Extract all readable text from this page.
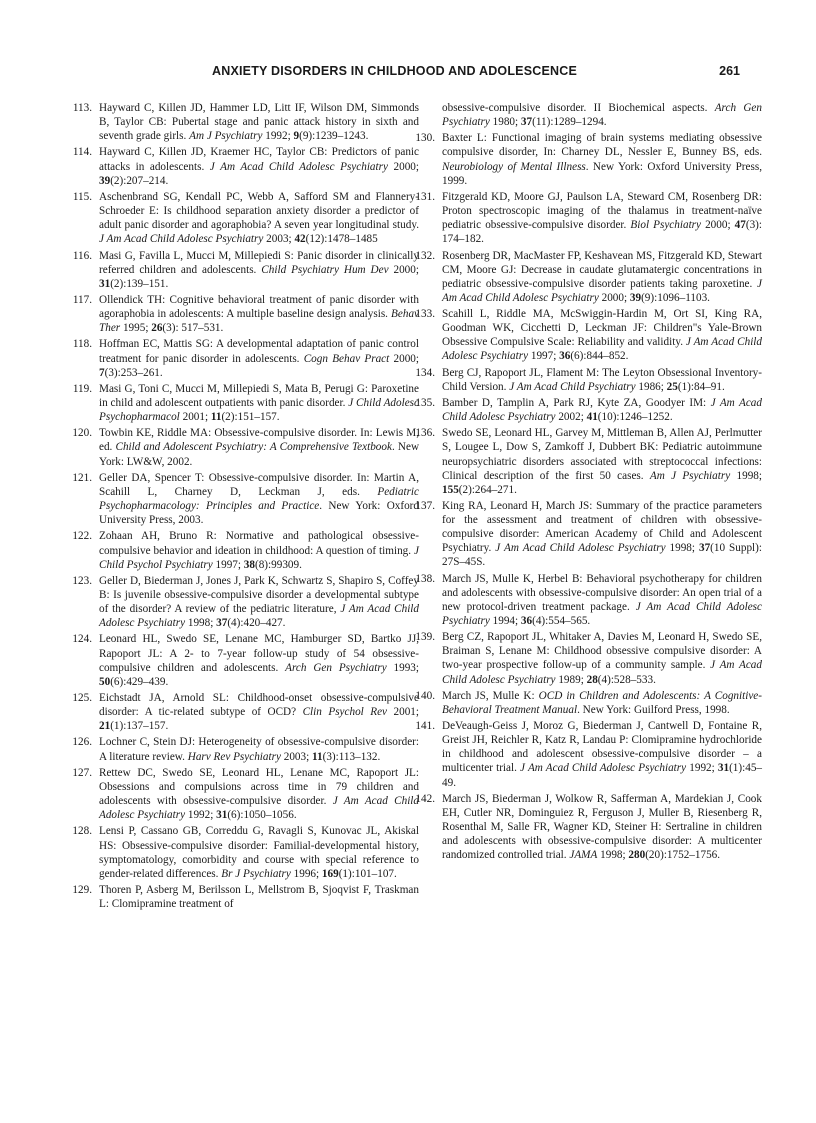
ANXIETY DISORDERS IN CHILDHOOD AND ADOLESCENCE	261
113. Hayward C, Killen JD, Hammer LD, Litt IF, Wilson DM, Simmonds B, Taylor CB: Pubertal stage and panic attack history in sixth and seventh grade girls. Am J Psychiatry 1992; 9(9):1239–1243.
114. Hayward C, Killen JD, Kraemer HC, Taylor CB: Predictors of panic attacks in adolescents. J Am Acad Child Adolesc Psychiatry 2000; 39(2):207–214.
115. Aschenbrand SG, Kendall PC, Webb A, Safford SM and Flannery-Schroeder E: Is childhood separation anxiety disorder a predictor of adult panic disorder and agoraphobia? A seven year longitudinal study. J Am Acad Child Adolesc Psychiatry 2003; 42(12):1478–1485
116. Masi G, Favilla L, Mucci M, Millepiedi S: Panic disorder in clinically referred children and adolescents. Child Psychiatry Hum Dev 2000; 31(2):139–151.
117. Ollendick TH: Cognitive behavioral treatment of panic disorder with agoraphobia in adolescents: A multiple baseline design analysis. Behav Ther 1995; 26(3): 517–531.
118. Hoffman EC, Mattis SG: A developmental adaptation of panic control treatment for panic disorder in adolescents. Cogn Behav Pract 2000; 7(3):253–261.
119. Masi G, Toni C, Mucci M, Millepiedi S, Mata B, Perugi G: Paroxetine in child and adolescent outpatients with panic disorder. J Child Adolesc Psychopharmacol 2001; 11(2):151–157.
120. Towbin KE, Riddle MA: Obsessive-compulsive disorder. In: Lewis M, ed. Child and Adolescent Psychiatry: A Comprehensive Textbook. New York: LW&W, 2002.
121. Geller DA, Spencer T: Obsessive-compulsive disorder. In: Martin A, Scahill L, Charney D, Leckman J, eds. Pediatric Psychopharmacology: Principles and Practice. New York: Oxford University Press, 2003.
122. Zohaan AH, Bruno R: Normative and pathological obsessive-compulsive behavior and ideation in childhood: A question of timing. J Child Psychol Psychiatry 1997; 38(8):99309.
123. Geller D, Biederman J, Jones J, Park K, Schwartz S, Shapiro S, Coffey B: Is juvenile obsessive-compulsive disorder a developmental subtype of the disorder? A review of the pediatric literature, J Am Acad Child Adolesc Psychiatry 1998; 37(4):420–427.
124. Leonard HL, Swedo SE, Lenane MC, Hamburger SD, Bartko JJ, Rapoport JL: A 2- to 7-year follow-up study of 54 obsessive-compulsive children and adolescents. Arch Gen Psychiatry 1993; 50(6):429–439.
125. Eichstadt JA, Arnold SL: Childhood-onset obsessive-compulsive disorder: A tic-related subtype of OCD? Clin Psychol Rev 2001; 21(1):137–157.
126. Lochner C, Stein DJ: Heterogeneity of obsessive-compulsive disorder: A literature review. Harv Rev Psychiatry 2003; 11(3):113–132.
127. Rettew DC, Swedo SE, Leonard HL, Lenane MC, Rapoport JL: Obsessions and compulsions across time in 79 children and adolescents with obsessive-compulsive disorder. J Am Acad Child Adolesc Psychiatry 1992; 31(6):1050–1056.
128. Lensi P, Cassano GB, Correddu G, Ravagli S, Kunovac JL, Akiskal HS: Obsessive-compulsive disorder: Familial-developmental history, symptomatology, comorbidity and course with special reference to gender-related differences. Br J Psychiatry 1996; 169(1):101–107.
129. Thoren P, Asberg M, Berilsson L, Mellstrom B, Sjoqvist F, Traskman L: Clomipramine treatment of
obsessive-compulsive disorder. II Biochemical aspects. Arch Gen Psychiatry 1980; 37(11):1289–1294.
130. Baxter L: Functional imaging of brain systems mediating obsessive compulsive disorder, In: Charney DL, Nessler E, Bunney BS, eds. Neurobiology of Mental Illness. New York: Oxford University Press, 1999.
131. Fitzgerald KD, Moore GJ, Paulson LA, Steward CM, Rosenberg DR: Proton spectroscopic imaging of the thalamus in treatment-naïve pediatric obsessive-compulsive disorder. Biol Psychiatry 2000; 47(3): 174–182.
132. Rosenberg DR, MacMaster FP, Keshavean MS, Fitzgerald KD, Stewart CM, Moore GJ: Decrease in caudate glutamatergic concentrations in pediatric obsessive-compulsive disorder patients taking paroxetine. J Am Acad Child Adolesc Psychiatry 2000; 39(9):1096–1103.
133. Scahill L, Riddle MA, McSwiggin-Hardin M, Ort SI, King RA, Goodman WK, Cicchetti D, Leckman JF: Children"s Yale-Brown Obsessive Compulsive Scale: Reliability and validity. J Am Acad Child Adolesc Psychiatry 1997; 36(6):844–852.
134. Berg CJ, Rapoport JL, Flament M: The Leyton Obsessional Inventory-Child Version. J Am Acad Child Psychiatry 1986; 25(1):84–91.
135. Bamber D, Tamplin A, Park RJ, Kyte ZA, Goodyer IM: J Am Acad Child Adolesc Psychiatry 2002; 41(10):1246–1252.
136. Swedo SE, Leonard HL, Garvey M, Mittleman B, Allen AJ, Perlmutter S, Lougee L, Dow S, Zamkoff J, Dubbert BK: Pediatric autoimmune neuropsychiatric disorders associated with streptococcal infections: Clinical description of the first 50 cases. Am J Psychiatry 1998; 155(2):264–271.
137. King RA, Leonard H, March JS: Summary of the practice parameters for the assessment and treatment of children with obsessive-compulsive disorder: American Academy of Child and Adolescent Psychiatry. J Am Acad Child Adolesc Psychiatry 1998; 37(10 Suppl): 27S–45S.
138. March JS, Mulle K, Herbel B: Behavioral psychotherapy for children and adolescents with obsessive-compulsive disorder: An open trial of a new protocol-driven treatment package. J Am Acad Child Adolesc Psychiatry 1994; 36(4):554–565.
139. Berg CZ, Rapoport JL, Whitaker A, Davies M, Leonard H, Swedo SE, Braiman S, Lenane M: Childhood obsessive compulsive disorder: A two-year prospective follow-up of a community sample. J Am Acad Child Adolesc Psychiatry 1989; 28(4):528–533.
140. March JS, Mulle K: OCD in Children and Adolescents: A Cognitive-Behavioral Treatment Manual. New York: Guilford Press, 1998.
141. DeVeaugh-Geiss J, Moroz G, Biederman J, Cantwell D, Fontaine R, Greist JH, Reichler R, Katz R, Landau P: Clomipramine hydrochloride in childhood and adolescent obsessive-compulsive disorder – a multicenter trial. J Am Acad Child Adolesc Psychiatry 1992; 31(1):45–49.
142. March JS, Biederman J, Wolkow R, Safferman A, Mardekian J, Cook EH, Cutler NR, Dominguiez R, Ferguson J, Muller B, Riesenberg R, Rosenthal M, Salle FR, Wagner KD, Steiner H: Sertraline in children and adolescents with obsessive-compulsive disorder: A multicenter randomized controlled trial. JAMA 1998; 280(20):1752–1756.
